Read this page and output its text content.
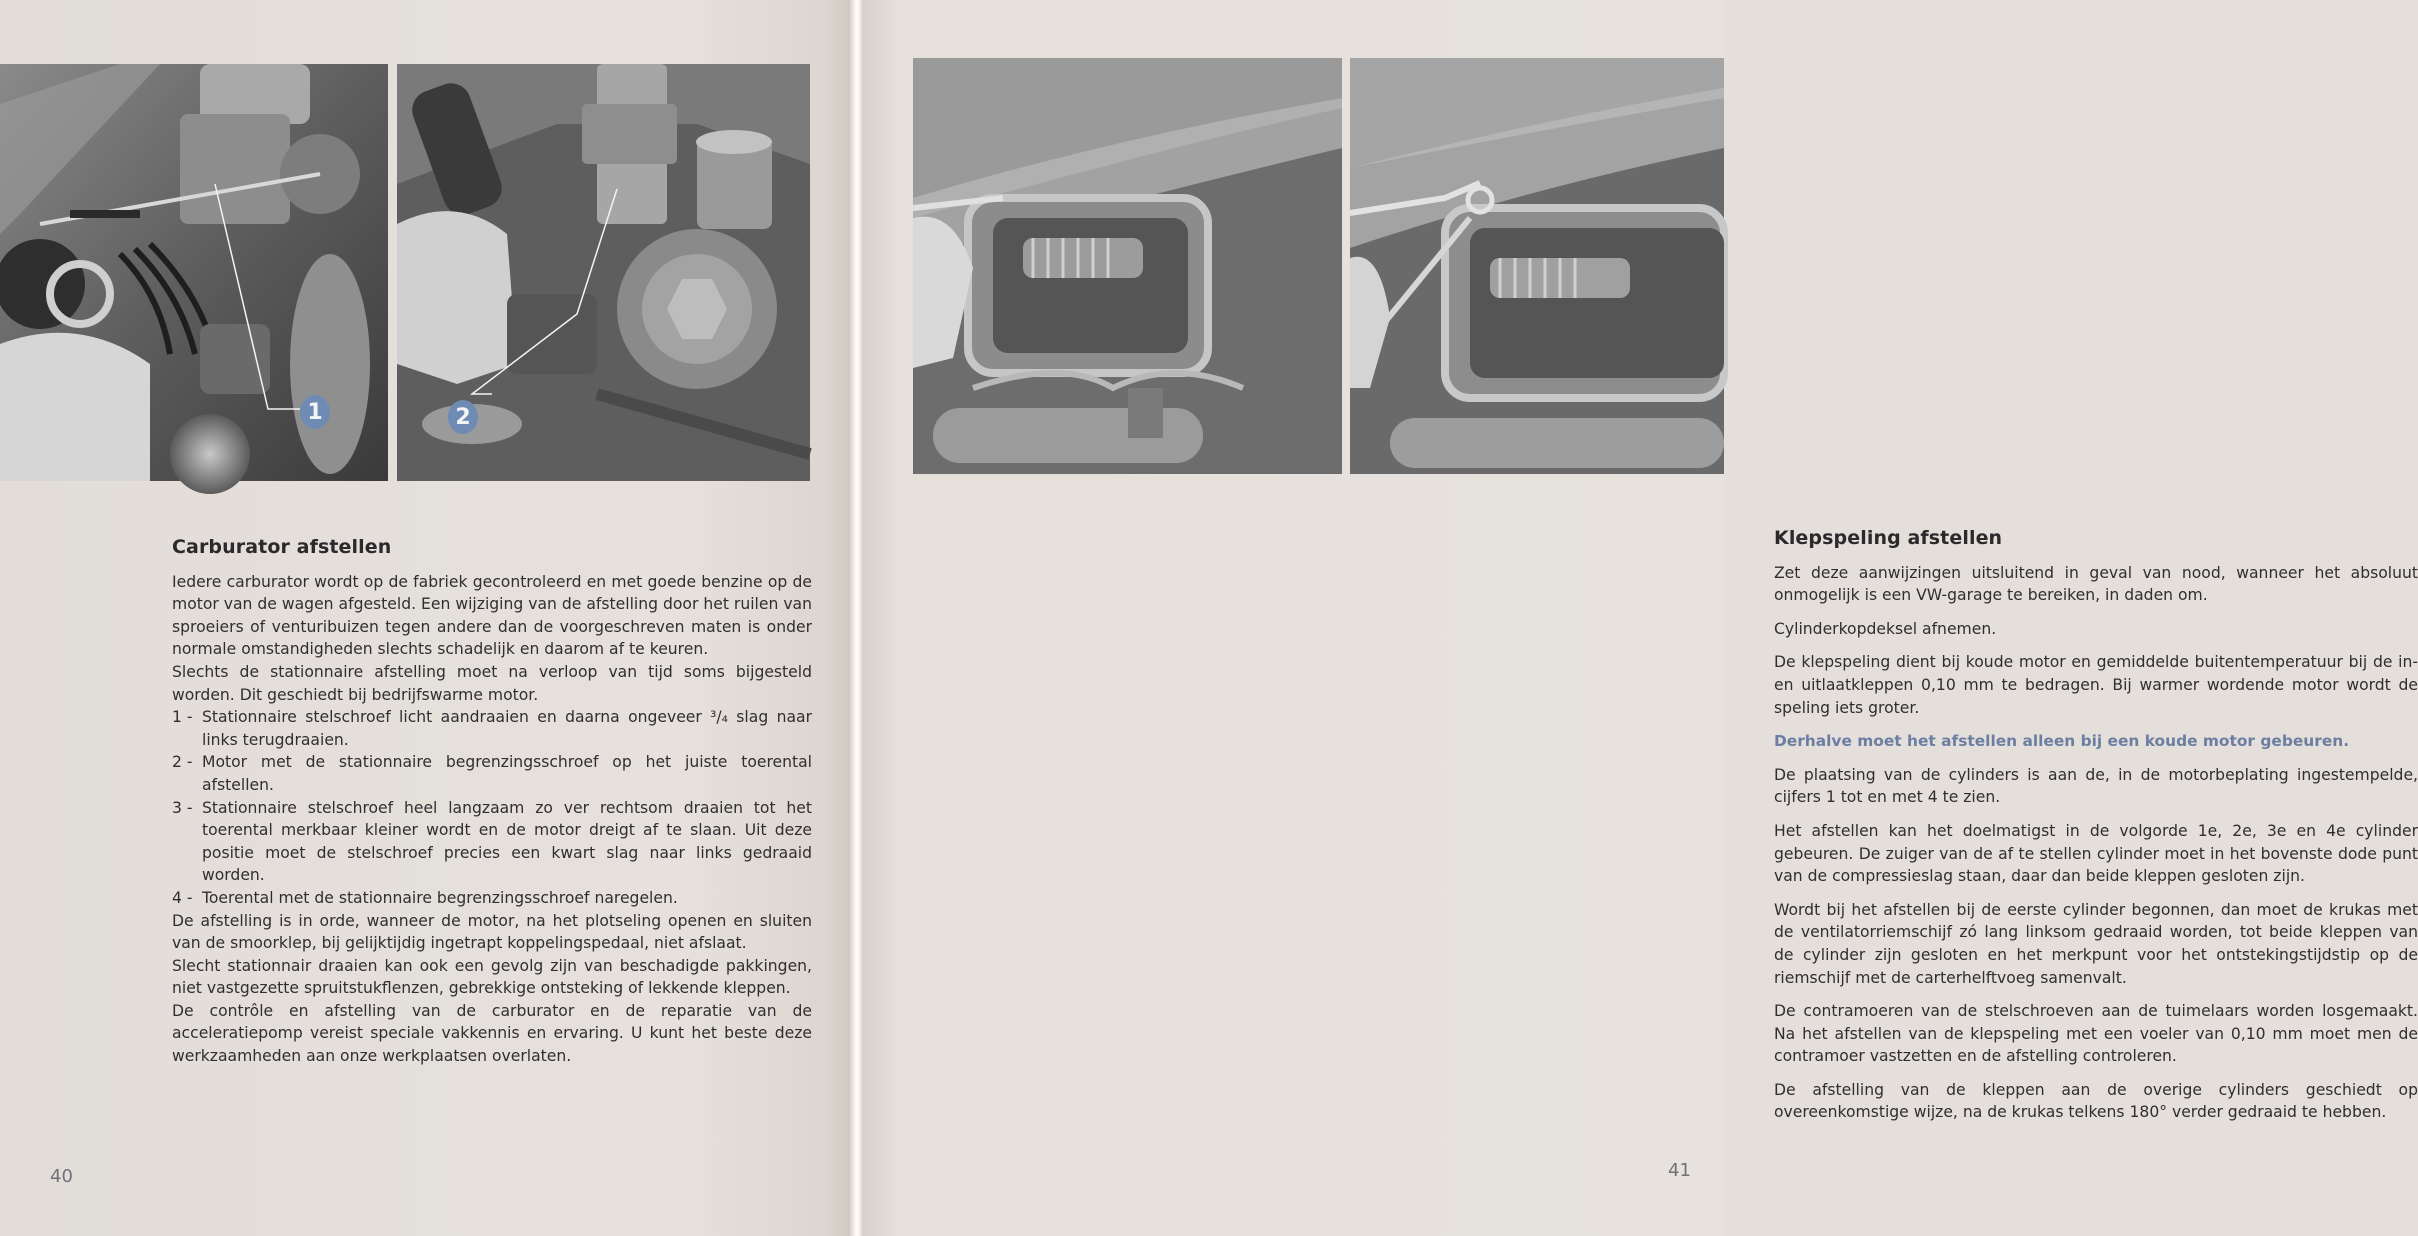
1	2
Carburator afstellen

Iedere carburator wordt op de fabriek gecontroleerd en met goede benzine op de motor van de wagen afgesteld. Een wijziging van de afstelling door het ruilen van sproeiers of venturibuizen tegen andere dan de voorgeschreven maten is onder normale omstandigheden slechts schadelijk en daarom af te keuren.

Slechts de stationnaire afstelling moet na verloop van tijd soms bijgesteld worden. Dit geschiedt bij bedrijfswarme motor.

1 - Stationnaire stelschroef licht aandraaien en daarna ongeveer ³/₄ slag naar links terugdraaien.
2 - Motor met de stationnaire begrenzingsschroef op het juiste toerental afstellen.
3 - Stationnaire stelschroef heel langzaam zo ver rechtsom draaien tot het toerental merkbaar kleiner wordt en de motor dreigt af te slaan. Uit deze positie moet de stelschroef precies een kwart slag naar links gedraaid worden.
4 - Toerental met de stationnaire begrenzingsschroef naregelen.

De afstelling is in orde, wanneer de motor, na het plotseling openen en sluiten van de smoorklep, bij gelijktijdig ingetrapt koppelingspedaal, niet afslaat.

Slecht stationnair draaien kan ook een gevolg zijn van beschadigde pakkingen, niet vastgezette spruitstukflenzen, gebrekkige ontsteking of lekkende kleppen.

De contrôle en afstelling van de carburator en de reparatie van de acceleratiepomp vereist speciale vakkennis en ervaring. U kunt het beste deze werkzaamheden aan onze werkplaatsen overlaten.

40
Klepspeling afstellen

Zet deze aanwijzingen uitsluitend in geval van nood, wanneer het absoluut onmogelijk is een VW-garage te bereiken, in daden om.

Cylinderkopdeksel afnemen.

De klepspeling dient bij koude motor en gemiddelde buitentemperatuur bij de in- en uitlaatkleppen 0,10 mm te bedragen. Bij warmer wordende motor wordt de speling iets groter.

Derhalve moet het afstellen alleen bij een koude motor gebeuren.

De plaatsing van de cylinders is aan de, in de motorbeplating ingestempelde, cijfers 1 tot en met 4 te zien.

Het afstellen kan het doelmatigst in de volgorde 1e, 2e, 3e en 4e cylinder gebeuren. De zuiger van de af te stellen cylinder moet in het bovenste dode punt van de compressieslag staan, daar dan beide kleppen gesloten zijn.

Wordt bij het afstellen bij de eerste cylinder begonnen, dan moet de krukas met de ventilatorriemschijf zó lang linksom gedraaid worden, tot beide kleppen van de cylinder zijn gesloten en het merkpunt voor het ontstekingstijdstip op de riemschijf met de carterhelftvoeg samenvalt.

De contramoeren van de stelschroeven aan de tuimelaars worden losgemaakt. Na het afstellen van de klepspeling met een voeler van 0,10 mm moet men de contramoer vastzetten en de afstelling controleren.

De afstelling van de kleppen aan de overige cylinders geschiedt op overeenkomstige wijze, na de krukas telkens 180° verder gedraaid te hebben.

41
